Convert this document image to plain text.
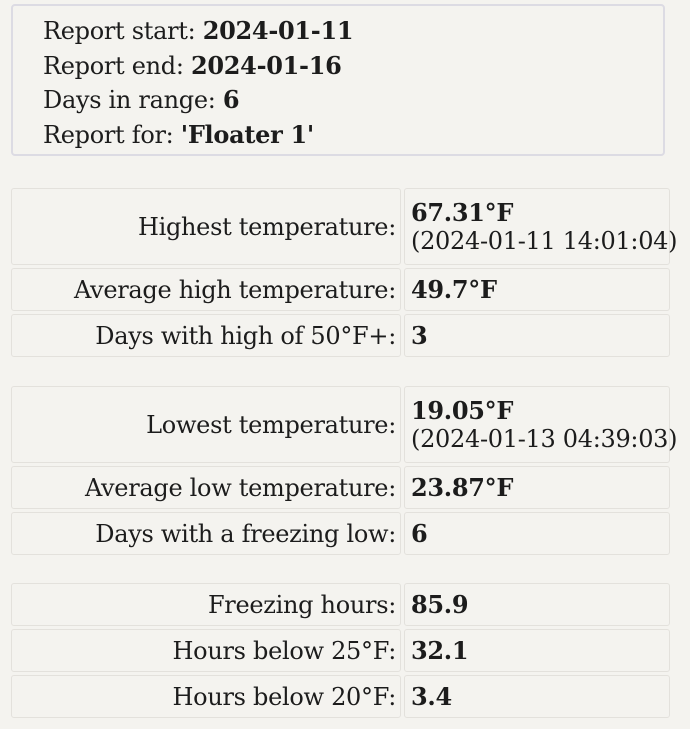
Report start: 2024-01-11
Report end: 2024-01-16
Days in range: 6
Report for: 'Floater 1'
Highest temperature: 67.31°F
(2024-01-11 14:01:04)
Average high temperature: 49.7°F
Days with high of 50°F+: 3
Lowest temperature: 19.05°F
(2024-01-13 04:39:03)
Average low temperature: 23.87°F
Days with a freezing low: 6
Freezing hours: 85.9
Hours below 25°F: 32.1
Hours below 20°F: 3.4
